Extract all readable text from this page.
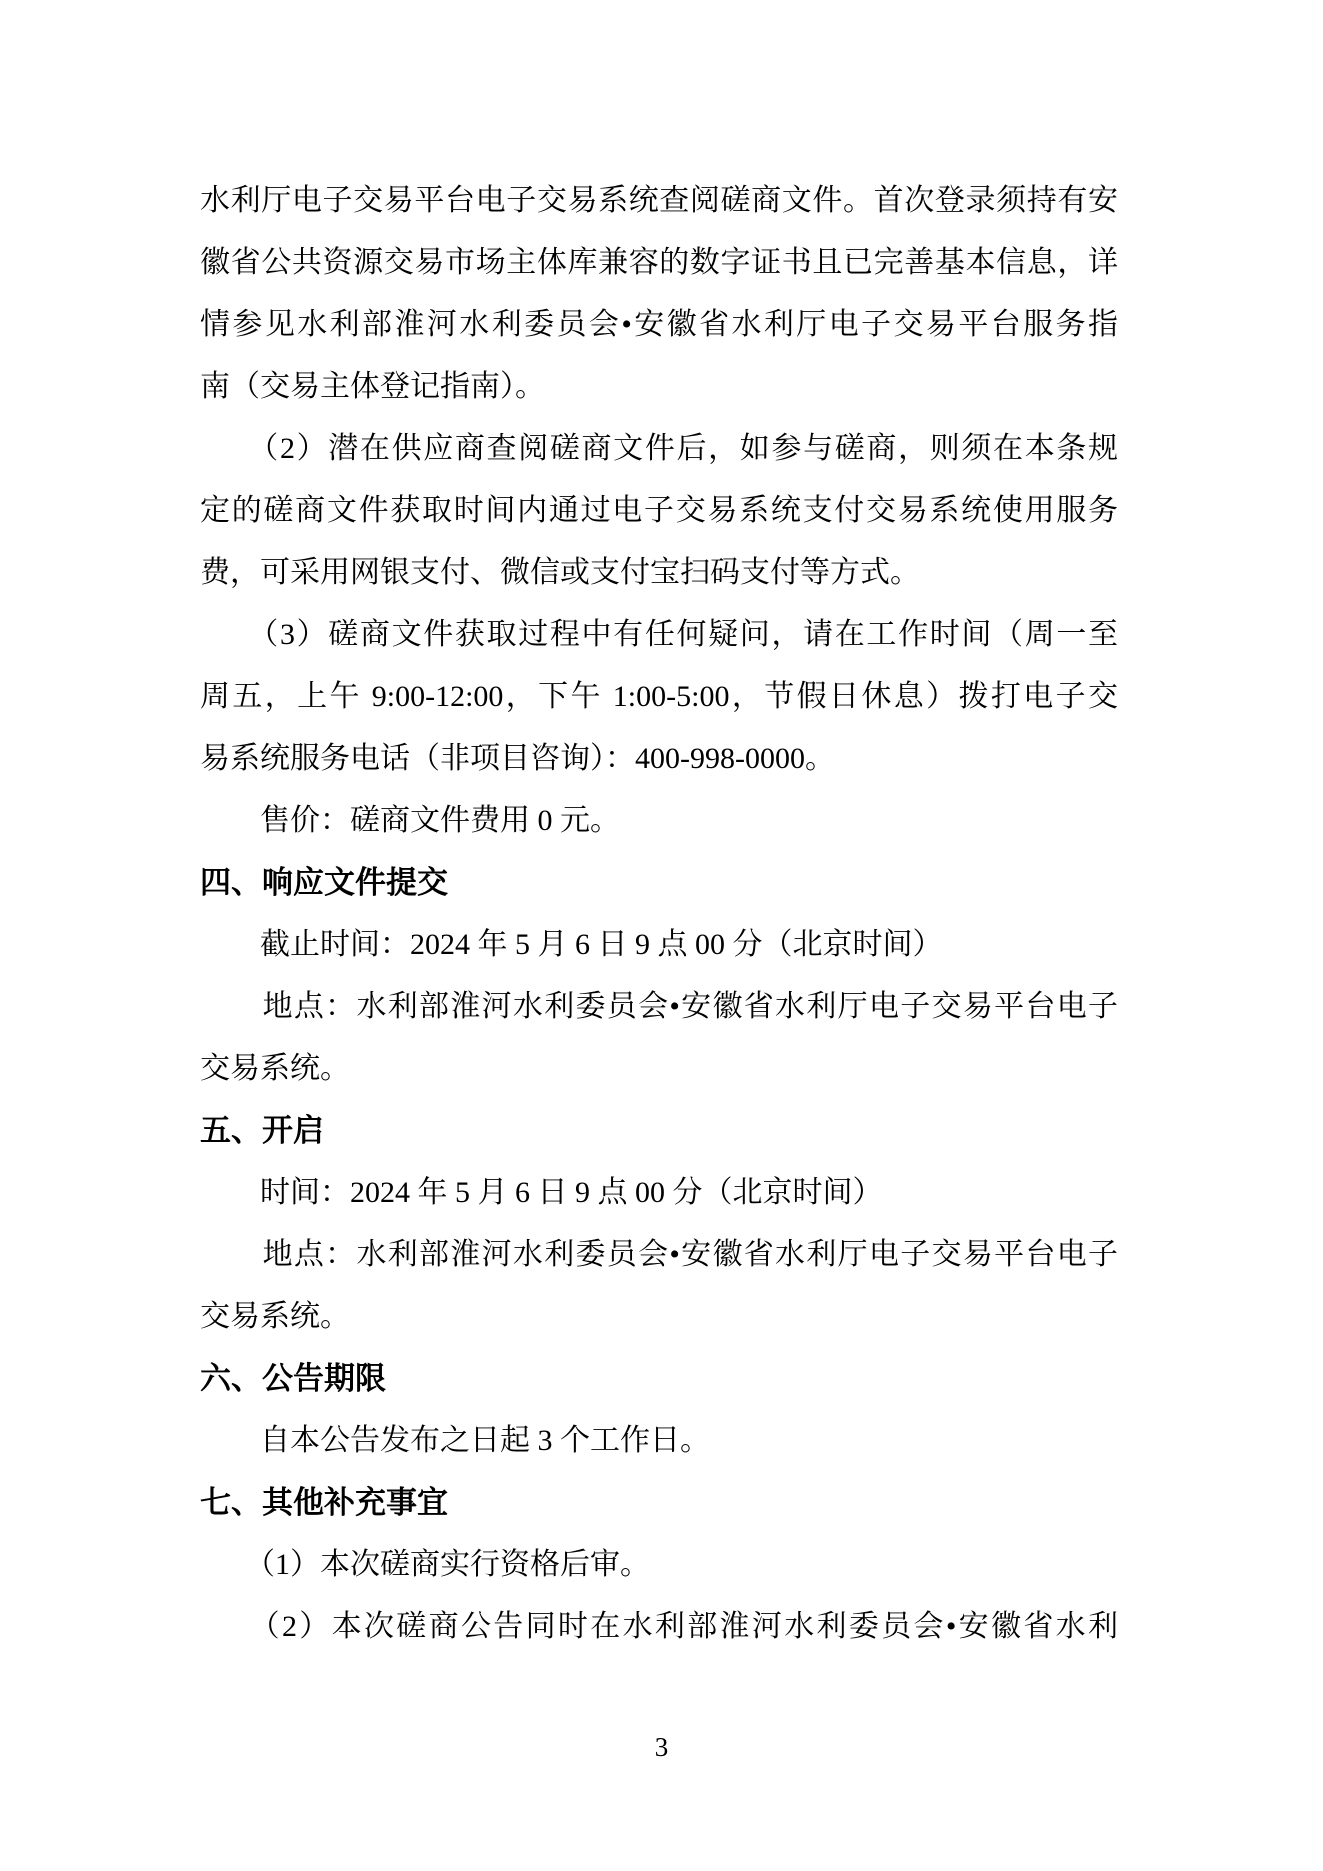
水利厅电子交易平台电子交易系统查阅磋商文件。首次登录须持有安
徽省公共资源交易市场主体库兼容的数字证书且已完善基本信息，详
情参见水利部淮河水利委员会•安徽省水利厅电子交易平台服务指
南（交易主体登记指南）。
　　（2）潜在供应商查阅磋商文件后，如参与磋商，则须在本条规
定的磋商文件获取时间内通过电子交易系统支付交易系统使用服务
费，可采用网银支付、微信或支付宝扫码支付等方式。
　　（3）磋商文件获取过程中有任何疑问，请在工作时间（周一至
周五，上午 9:00-12:00，下午 1:00-5:00，节假日休息）拨打电子交
易系统服务电话（非项目咨询）：400-998-0000。
　　售价：磋商文件费用 0 元。
四、响应文件提交
　　截止时间：2024 年 5 月 6 日 9 点 00 分（北京时间）
　　地点：水利部淮河水利委员会•安徽省水利厅电子交易平台电子
交易系统。
五、开启
　　时间：2024 年 5 月 6 日 9 点 00 分（北京时间）
　　地点：水利部淮河水利委员会•安徽省水利厅电子交易平台电子
交易系统。
六、公告期限
　　自本公告发布之日起 3 个工作日。
七、其他补充事宜
　　（1）本次磋商实行资格后审。
　　（2）本次磋商公告同时在水利部淮河水利委员会•安徽省水利
3
